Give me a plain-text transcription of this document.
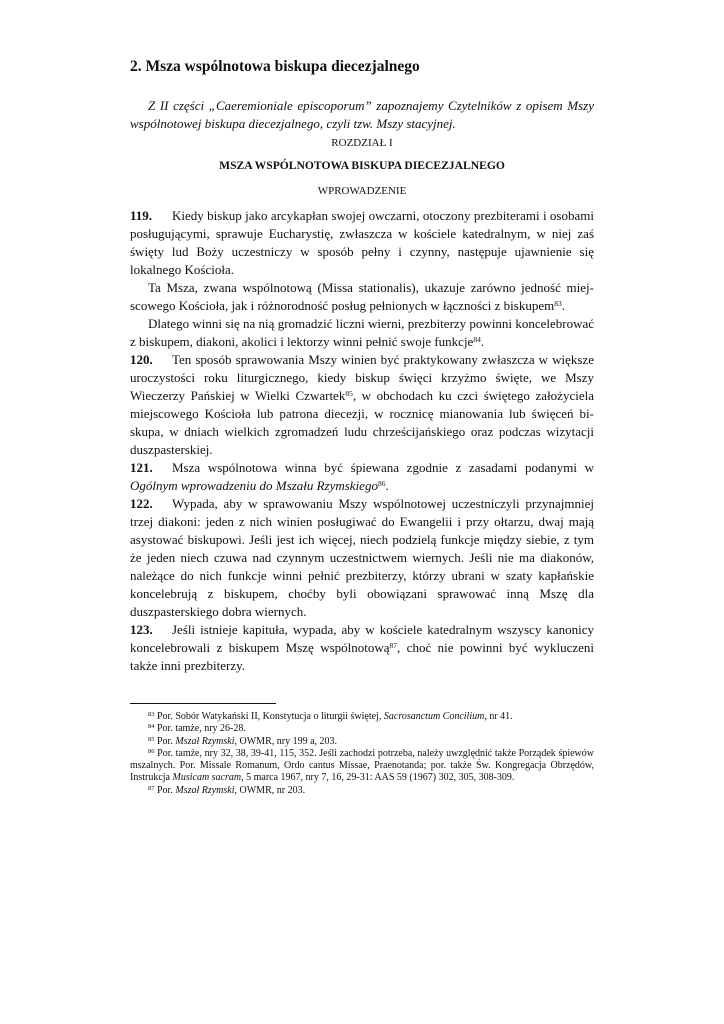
2. Msza wspólnotowa biskupa diecezjalnego

Z II części „Caeremioniale episcoporum” zapoznajemy Czytelników z opisem Mszy wspólnotowej biskupa diecezjalnego, czyli tzw. Mszy stacyjnej.

ROZDZIAŁ I

MSZA WSPÓLNOTOWA BISKUPA DIECEZJALNEGO

WPROWADZENIE

119. Kiedy biskup jako arcykapłan swojej owczarni, otoczony prezbiterami i osobami posługującymi, sprawuje Eucharystię, zwłaszcza w kościele katedralnym, w niej zaś święty lud Boży uczestniczy w sposób pełny i czynny, następuje ujawnienie się lokalnego Kościoła.

Ta Msza, zwana wspólnotową (Missa stationalis), ukazuje zarówno jedność miejscowego Kościoła, jak i różnorodność posług pełnionych w łączności z biskupem$^{83}$.

Dlatego winni się na nią gromadzić liczni wierni, prezbiterzy powinni koncelebrować z biskupem, diakoni, akolici i lektorzy winni pełnić swoje funkcje$^{84}$.

120. Ten sposób sprawowania Mszy winien być praktykowany zwłaszcza w większe uroczystości roku liturgicznego, kiedy biskup święci krzyżmo święte, we Mszy Wieczerzy Pańskiej w Wielki Czwartek$^{85}$, w obchodach ku czci świętego założyciela miejscowego Kościoła lub patrona diecezji, w rocznicę mianowania lub święceń biskupa, w dniach wielkich zgromadzeń ludu chrześcijańskiego oraz podczas wizytacji duszpasterskiej.

121. Msza wspólnotowa winna być śpiewana zgodnie z zasadami podanymi w Ogólnym wprowadzeniu do Mszału Rzymskiego$^{86}$.

122. Wypada, aby w sprawowaniu Mszy wspólnotowej uczestniczyli przynajmniej trzej diakoni: jeden z nich winien posługiwać do Ewangelii i przy ołtarzu, dwaj mają asystować biskupowi. Jeśli jest ich więcej, niech podzielą funkcje między siebie, z tym że jeden niech czuwa nad czynnym uczestnictwem wiernych. Jeśli nie ma diakonów, należące do nich funkcje winni pełnić prezbiterzy, którzy ubrani w szaty kapłańskie koncelebrują z biskupem, choćby byli obowiązani sprawować inną Mszę dla duszpasterskiego dobra wiernych.

123. Jeśli istnieje kapituła, wypada, aby w kościele katedralnym wszyscy kanonicy koncelebrowali z biskupem Mszę wspólnotową$^{87}$, choć nie powinni być wykluczeni także inni prezbiterzy.

$^{83}$ Por. Sobór Watykański II, Konstytucja o liturgii świętej, Sacrosanctum Concilium, nr 41.

$^{84}$ Por. tamże, nry 26-28.

$^{85}$ Por. Mszał Rzymski, OWMR, nry 199 a, 203.

$^{86}$ Por. tamże, nry 32, 38, 39-41, 115, 352. Jeśli zachodzi potrzeba, należy uwzględnić także Porządek śpiewów mszalnych. Por. Missale Romanum, Ordo cantus Missae, Praenotanda; por. także Św. Kongregacja Obrzędów, Instrukcja Musicam sacram, 5 marca 1967, nry 7, 16, 29-31: AAS 59 (1967) 302, 305, 308-309.

$^{87}$ Por. Mszał Rzymski, OWMR, nr 203.
